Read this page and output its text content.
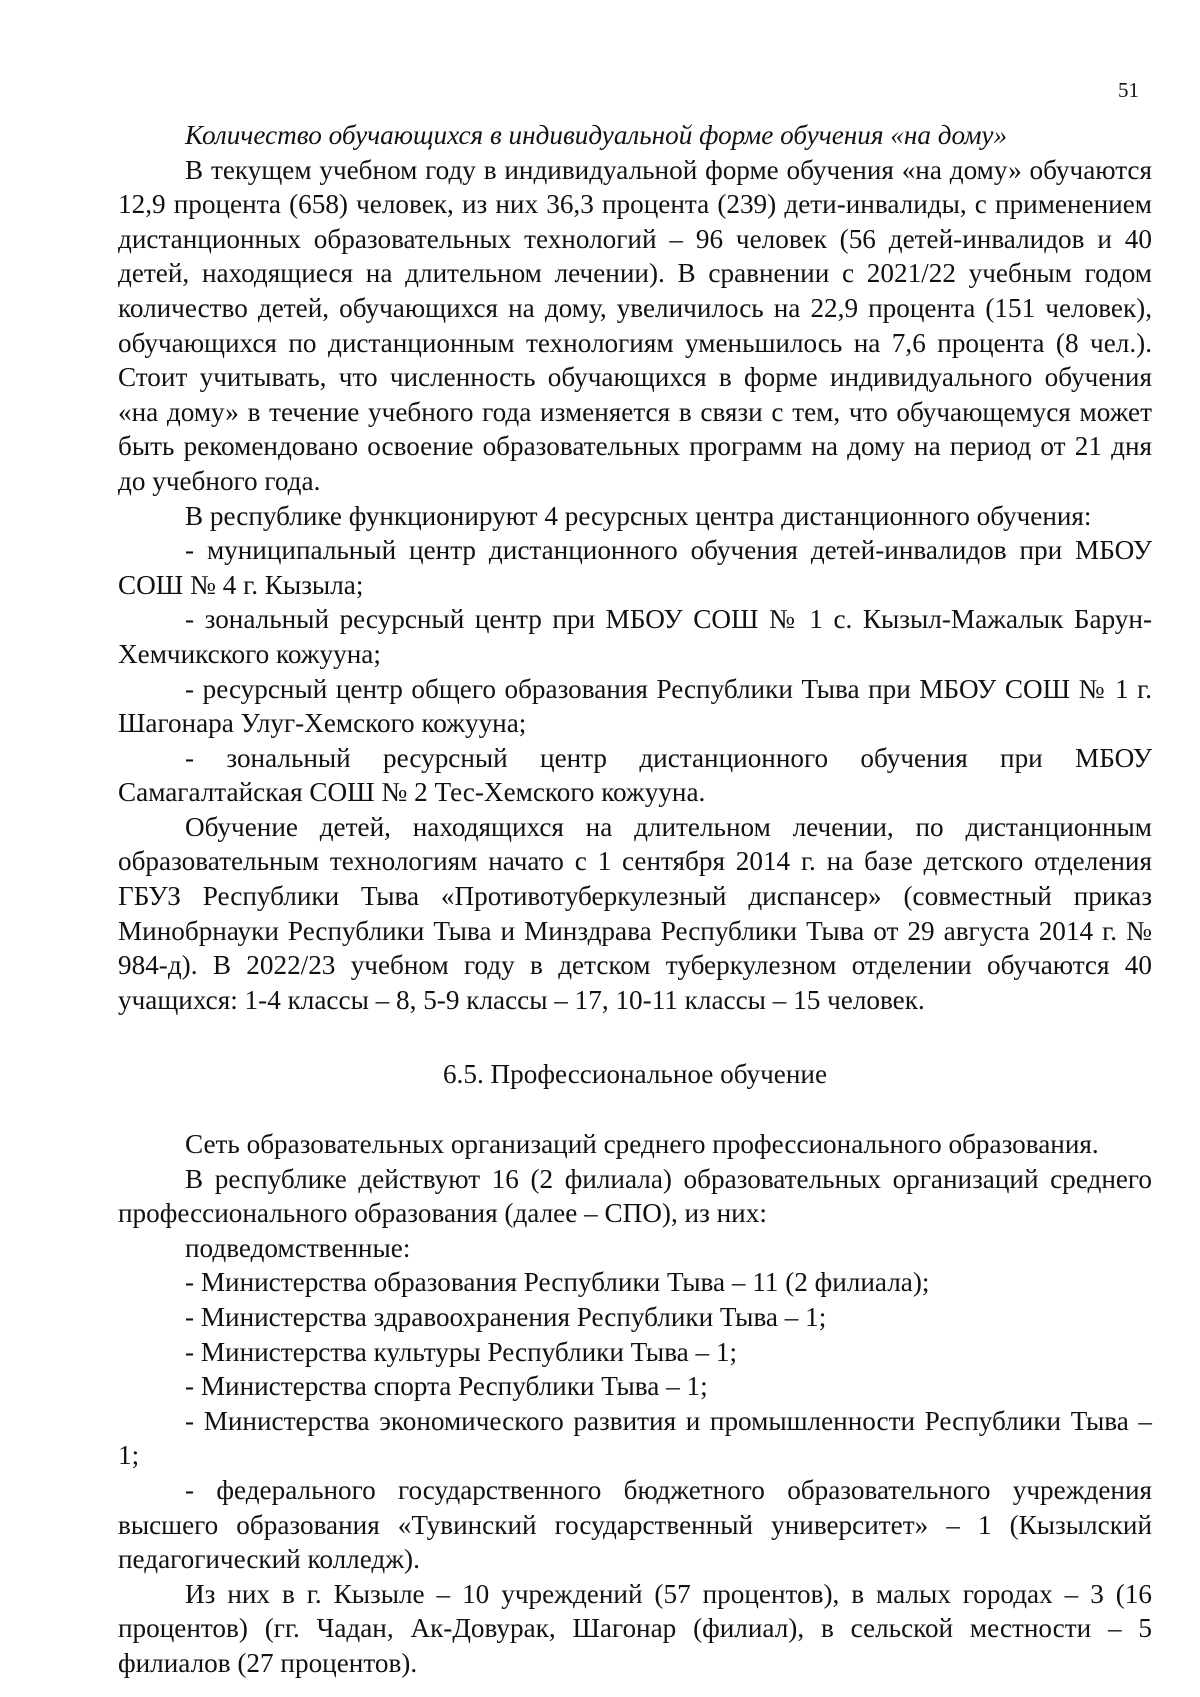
51

Количество обучающихся в индивидуальной форме обучения «на дому»

В текущем учебном году в индивидуальной форме обучения «на дому» обучаются 12,9 процента (658) человек, из них 36,3 процента (239) дети-инвалиды, с применением дистанционных образовательных технологий – 96 человек (56 детей-инвалидов и 40 детей, находящиеся на длительном лечении). В сравнении с 2021/22 учебным годом количество детей, обучающихся на дому, увеличилось на 22,9 процента (151 человек), обучающихся по дистанционным технологиям уменьшилось на 7,6 процента (8 чел.). Стоит учитывать, что численность обучающихся в форме индивидуального обучения «на дому» в течение учебного года изменяется в связи с тем, что обучающемуся может быть рекомендовано освоение образовательных программ на дому на период от 21 дня до учебного года.

В республике функционируют 4 ресурсных центра дистанционного обучения:

- муниципальный центр дистанционного обучения детей-инвалидов при МБОУ СОШ № 4 г. Кызыла;

- зональный ресурсный центр при МБОУ СОШ № 1 с. Кызыл-Мажалык Барун-Хемчикского кожууна;

- ресурсный центр общего образования Республики Тыва при МБОУ СОШ № 1 г. Шагонара Улуг-Хемского кожууна;

- зональный ресурсный центр дистанционного обучения при МБОУ Самагалтайская СОШ № 2 Тес-Хемского кожууна.

Обучение детей, находящихся на длительном лечении, по дистанционным образовательным технологиям начато с 1 сентября 2014 г. на базе детского отделения ГБУЗ Республики Тыва «Противотуберкулезный диспансер» (совместный приказ Минобрнауки Республики Тыва и Минздрава Республики Тыва от 29 августа 2014 г. № 984-д). В 2022/23 учебном году в детском туберкулезном отделении обучаются 40 учащихся: 1-4 классы – 8, 5-9 классы – 17, 10-11 классы – 15 человек.

6.5. Профессиональное обучение

Сеть образовательных организаций среднего профессионального образования.

В республике действуют 16 (2 филиала) образовательных организаций среднего профессионального образования (далее – СПО), из них:

подведомственные:

- Министерства образования Республики Тыва – 11 (2 филиала);

- Министерства здравоохранения Республики Тыва – 1;

- Министерства культуры Республики Тыва – 1;

- Министерства спорта Республики Тыва – 1;

- Министерства экономического развития и промышленности Республики Тыва – 1;

- федерального государственного бюджетного образовательного учреждения высшего образования «Тувинский государственный университет» – 1 (Кызылский педагогический колледж).

Из них в г. Кызыле – 10 учреждений (57 процентов), в малых городах – 3 (16 процентов) (гг. Чадан, Ак-Довурак, Шагонар (филиал), в сельской местности – 5 филиалов (27 процентов).
